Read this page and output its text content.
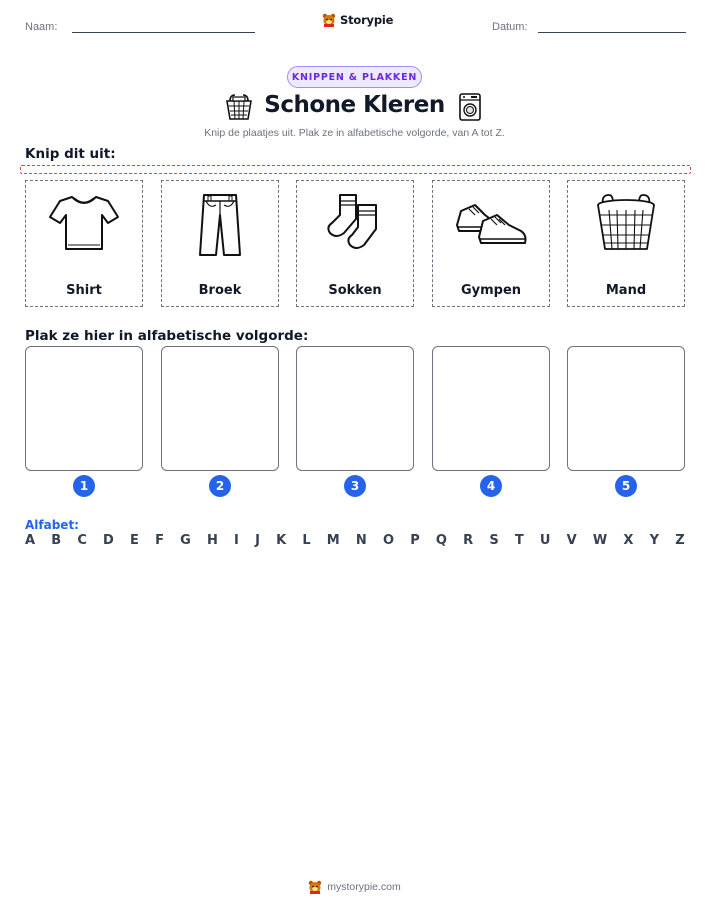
Naam:	Storypie	Datum:
KNIPPEN & PLAKKEN
Schone Kleren
Knip de plaatjes uit. Plak ze in alfabetische volgorde, van A tot Z.
Knip dit uit:
Shirt	Broek	Sokken	Gympen	Mand
Plak ze hier in alfabetische volgorde:
1	2	3	4	5
Alfabet:
A B C D E F G H I J K L M N O P Q R S T U V W X Y Z
mystorypie.com
